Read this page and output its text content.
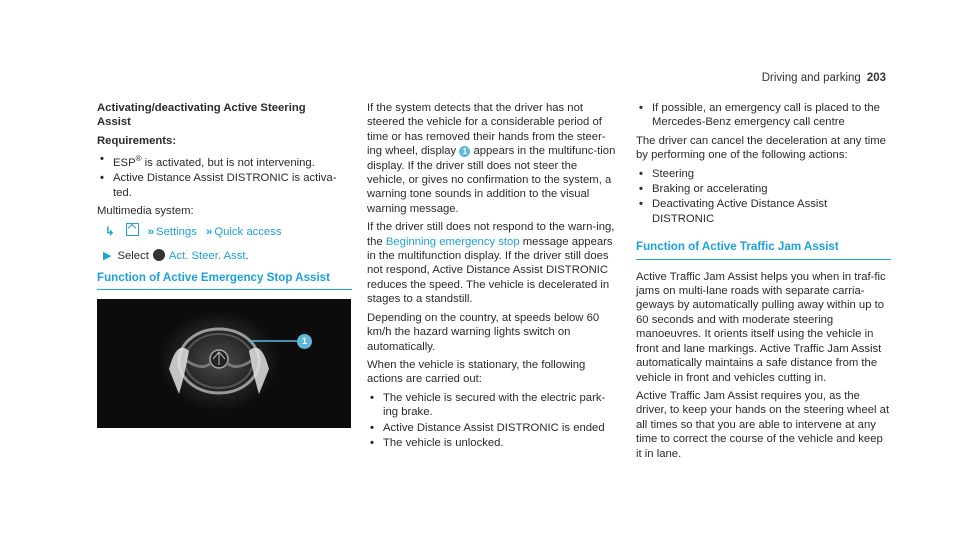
Driving and parking 203

Activating/deactivating Active Steering
Assist

Requirements:

• ESP® is activated, but is not intervening.
• Active Distance Assist DISTRONIC is activa-ted.

Multimedia system:

↳	» Settings » Quick access
▶ Select Act. Steer. Asst.
Function of Active Emergency Stop Assist
1

If the system detects that the driver has not steered the vehicle for a considerable period of time or has removed their hands from the steer-ing wheel, display 1 appears in the multifunc-tion display. If the driver still does not steer the vehicle, or gives no confirmation to the system, a warning tone sounds in addition to the visual warning message.

If the driver still does not respond to the warn-ing, the Beginning emergency stop message appears in the multifunction display. If the driver still does not respond, Active Distance Assist DISTRONIC reduces the speed. The vehicle is decelerated in stages to a standstill.

Depending on the country, at speeds below 60 km/h the hazard warning lights switch on automatically.

When the vehicle is stationary, the following actions are carried out:

• The vehicle is secured with the electric park-ing brake.
• Active Distance Assist DISTRONIC is ended
• The vehicle is unlocked.
• If possible, an emergency call is placed to the Mercedes-Benz emergency call centre

The driver can cancel the deceleration at any time by performing one of the following actions:

• Steering
• Braking or accelerating
• Deactivating Active Distance Assist DISTRONIC
Function of Active Traffic Jam Assist

Active Traffic Jam Assist helps you when in traf-fic jams on multi-lane roads with separate carria-geways by automatically pulling away within up to 60 seconds and with moderate steering manoeuvres. It orients itself using the vehicle in front and lane markings. Active Traffic Jam Assist automatically maintains a safe distance from the vehicle in front and vehicles cutting in.

Active Traffic Jam Assist requires you, as the driver, to keep your hands on the steering wheel at all times so that you are able to intervene at any time to correct the course of the vehicle and keep it in lane.
